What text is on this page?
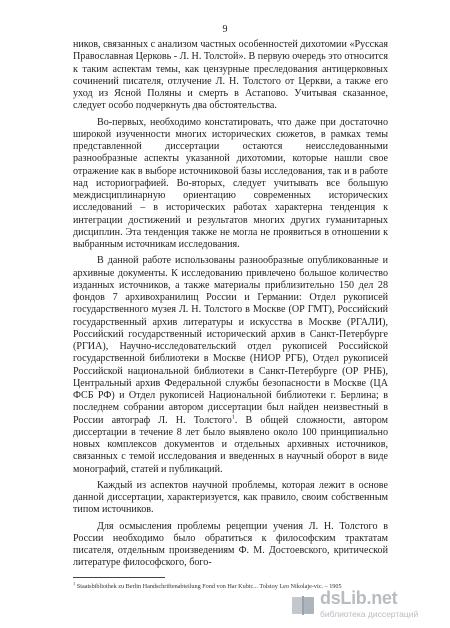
9

ников, связанных с анализом частных особенностей дихотомии «Русская Православная Церковь - Л. Н. Толстой». В первую очередь это относится к таким аспектам темы, как цензурные преследования антицерковных сочинений писателя, отлучение Л. Н. Толстого от Церкви, а также его уход из Ясной Поляны и смерть в Астапово. Учитывая сказанное, следует особо подчеркнуть два обстоятельства.

Во-первых, необходимо констатировать, что даже при достаточно широкой изученности многих исторических сюжетов, в рамках темы представленной диссертации остаются неисследованными разнообразные аспекты указанной дихотомии, которые нашли свое отражение как в выборе источниковой базы исследования, так и в работе над историографией. Во-вторых, следует учитывать все большую междисциплинарную ориентацию современных исторических исследований – в исторических работах характерна тенденция к интеграции достижений и результатов многих других гуманитарных дисциплин. Эта тенденция также не могла не проявиться в отношении к выбранным источникам исследования.

В данной работе использованы разнообразные опубликованные и архивные документы. К исследованию привлечено большое количество изданных источников, а также материалы приблизительно 150 дел 28 фондов 7 архивохранилищ России и Германии: Отдел рукописей государственного музея Л. Н. Толстого в Москве (ОР ГМТ), Российский государственный архив литературы и искусства в Москве (РГАЛИ), Российский государственный исторический архив в Санкт-Петербурге (РГИА), Научно-исследовательский отдел рукописей Российской государственной библиотеки в Москве (НИОР РГБ), Отдел рукописей Российской национальной библиотеки в Санкт-Петербурге (ОР РНБ), Центральный архив Федеральной службы безопасности в Москве (ЦА ФСБ РФ) и Отдел рукописей Национальной библиотеки г. Берлина; в последнем собрании автором диссертации был найден неизвестный в России автограф Л. Н. Толстого$^1$. В общей сложности, автором диссертации в течение 8 лет было выявлено около 100 принципиально новых комплексов документов и отдельных архивных источников, связанных с темой исследования и введенных в научный оборот в виде монографий, статей и публикаций.

Каждый из аспектов научной проблемы, которая лежит в основе данной диссертации, характеризуется, как правило, своим собственным типом источников.

Для осмысления проблемы рецепции учения Л. Н. Толстого в России необходимо было обратиться к философским трактатам писателя, отдельным произведениям Ф. М. Достоевского, критической литературе философского, бого-

$^1$ Staatsbibliothek zu Berlin Handschriftenabteilung Fond von Har Kubic... Tolstoy Leo Nikolaje-vic. – 1905
dsLib.net
библиотека диссертаций
